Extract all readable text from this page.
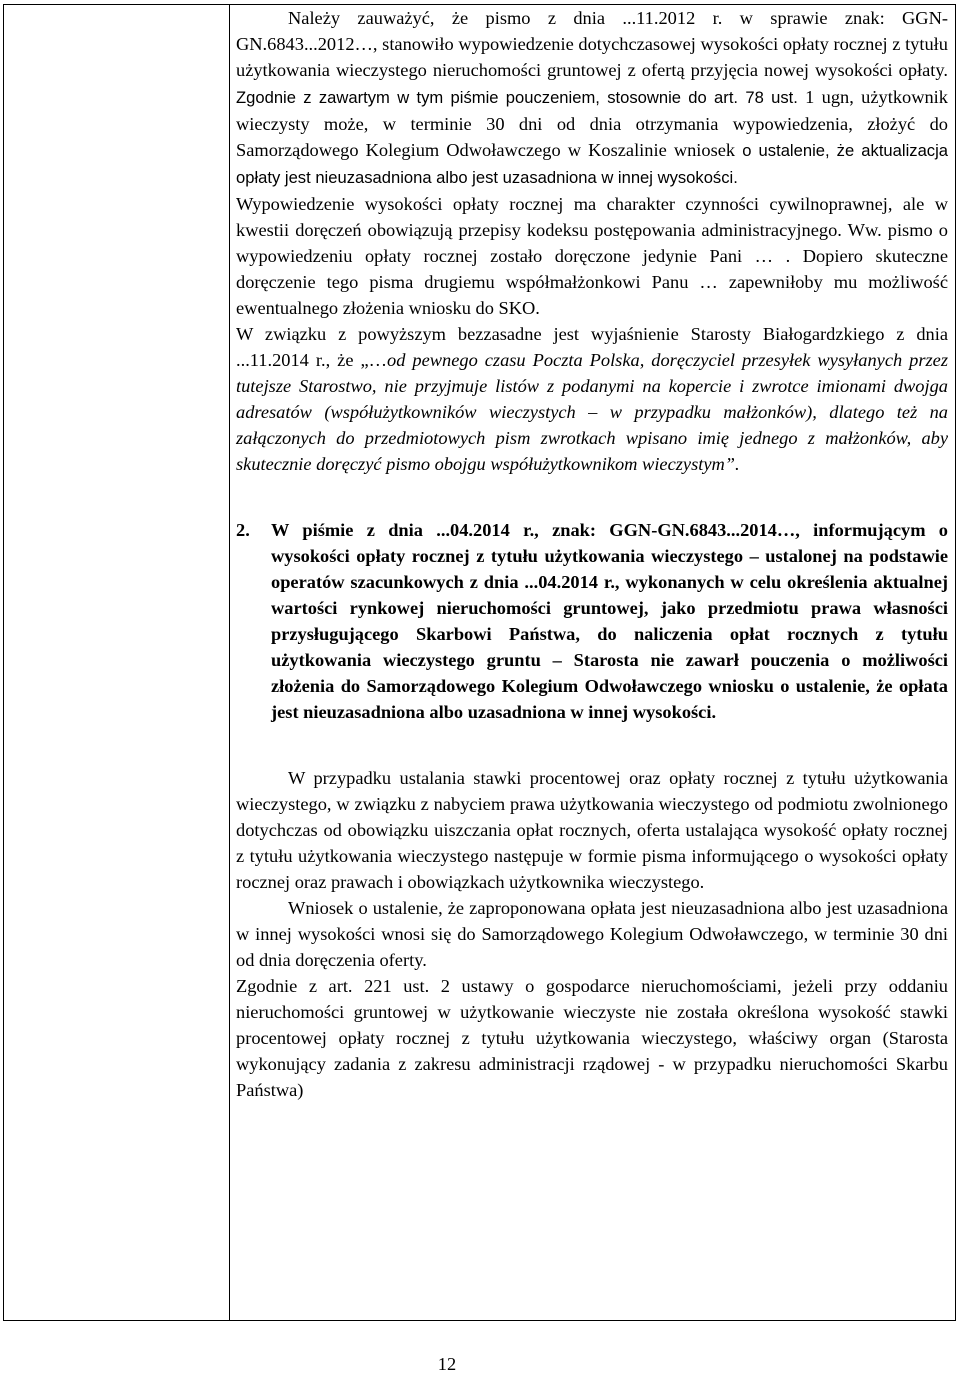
Należy zauważyć, że pismo z dnia ...11.2012 r. w sprawie znak: GGN-GN.6843...2012…, stanowiło wypowiedzenie dotychczasowej wysokości opłaty rocznej z tytułu użytkowania wieczystego nieruchomości gruntowej z ofertą przyjęcia nowej wysokości opłaty. Zgodnie z zawartym w tym piśmie pouczeniem, stosownie do art. 78 ust. 1 ugn, użytkownik wieczysty może, w terminie 30 dni od dnia otrzymania wypowiedzenia, złożyć do Samorządowego Kolegium Odwoławczego w Koszalinie wniosek o ustalenie, że aktualizacja opłaty jest nieuzasadniona albo jest uzasadniona w innej wysokości.

Wypowiedzenie wysokości opłaty rocznej ma charakter czynności cywilnoprawnej, ale w kwestii doręczeń obowiązują przepisy kodeksu postępowania administracyjnego. Ww. pismo o wypowiedzeniu opłaty rocznej zostało doręczone jedynie Pani … . Dopiero skuteczne doręczenie tego pisma drugiemu współmałżonkowi Panu … zapewniłoby mu możliwość ewentualnego złożenia wniosku do SKO.

W związku z powyższym bezzasadne jest wyjaśnienie Starosty Białogardzkiego z dnia ...11.2014 r., że „…od pewnego czasu Poczta Polska, doręczyciel przesyłek wysyłanych przez tutejsze Starostwo, nie przyjmuje listów z podanymi na kopercie i zwrotce imionami dwojga adresatów (współużytkowników wieczystych – w przypadku małżonków), dlatego też na załączonych do przedmiotowych pism zwrotkach wpisano imię jednego z małżonków, aby skutecznie doręczyć pismo obojgu współużytkownikom wieczystym”.

2.	W piśmie z dnia ...04.2014 r., znak: GGN-GN.6843...2014…, informującym o wysokości opłaty rocznej z tytułu użytkowania wieczystego – ustalonej na podstawie operatów szacunkowych z dnia ...04.2014 r., wykonanych w celu określenia aktualnej wartości rynkowej nieruchomości gruntowej, jako przedmiotu prawa własności przysługującego Skarbowi Państwa, do naliczenia opłat rocznych z tytułu użytkowania wieczystego gruntu – Starosta nie zawarł pouczenia o możliwości złożenia do Samorządowego Kolegium Odwoławczego wniosku o ustalenie, że opłata jest nieuzasadniona albo uzasadniona w innej wysokości.

W przypadku ustalania stawki procentowej oraz opłaty rocznej z tytułu użytkowania wieczystego, w związku z nabyciem prawa użytkowania wieczystego od podmiotu zwolnionego dotychczas od obowiązku uiszczania opłat rocznych, oferta ustalająca wysokość opłaty rocznej z tytułu użytkowania wieczystego następuje w formie pisma informującego o wysokości opłaty rocznej oraz prawach i obowiązkach użytkownika wieczystego.

Wniosek o ustalenie, że zaproponowana opłata jest nieuzasadniona albo jest uzasadniona w innej wysokości wnosi się do Samorządowego Kolegium Odwoławczego, w terminie 30 dni od dnia doręczenia oferty.

Zgodnie z art. 221 ust. 2 ustawy o gospodarce nieruchomościami, jeżeli przy oddaniu nieruchomości gruntowej w użytkowanie wieczyste nie została określona wysokość stawki procentowej opłaty rocznej z tytułu użytkowania wieczystego, właściwy organ (Starosta wykonujący zadania z zakresu administracji rządowej - w przypadku nieruchomości Skarbu Państwa)

12
